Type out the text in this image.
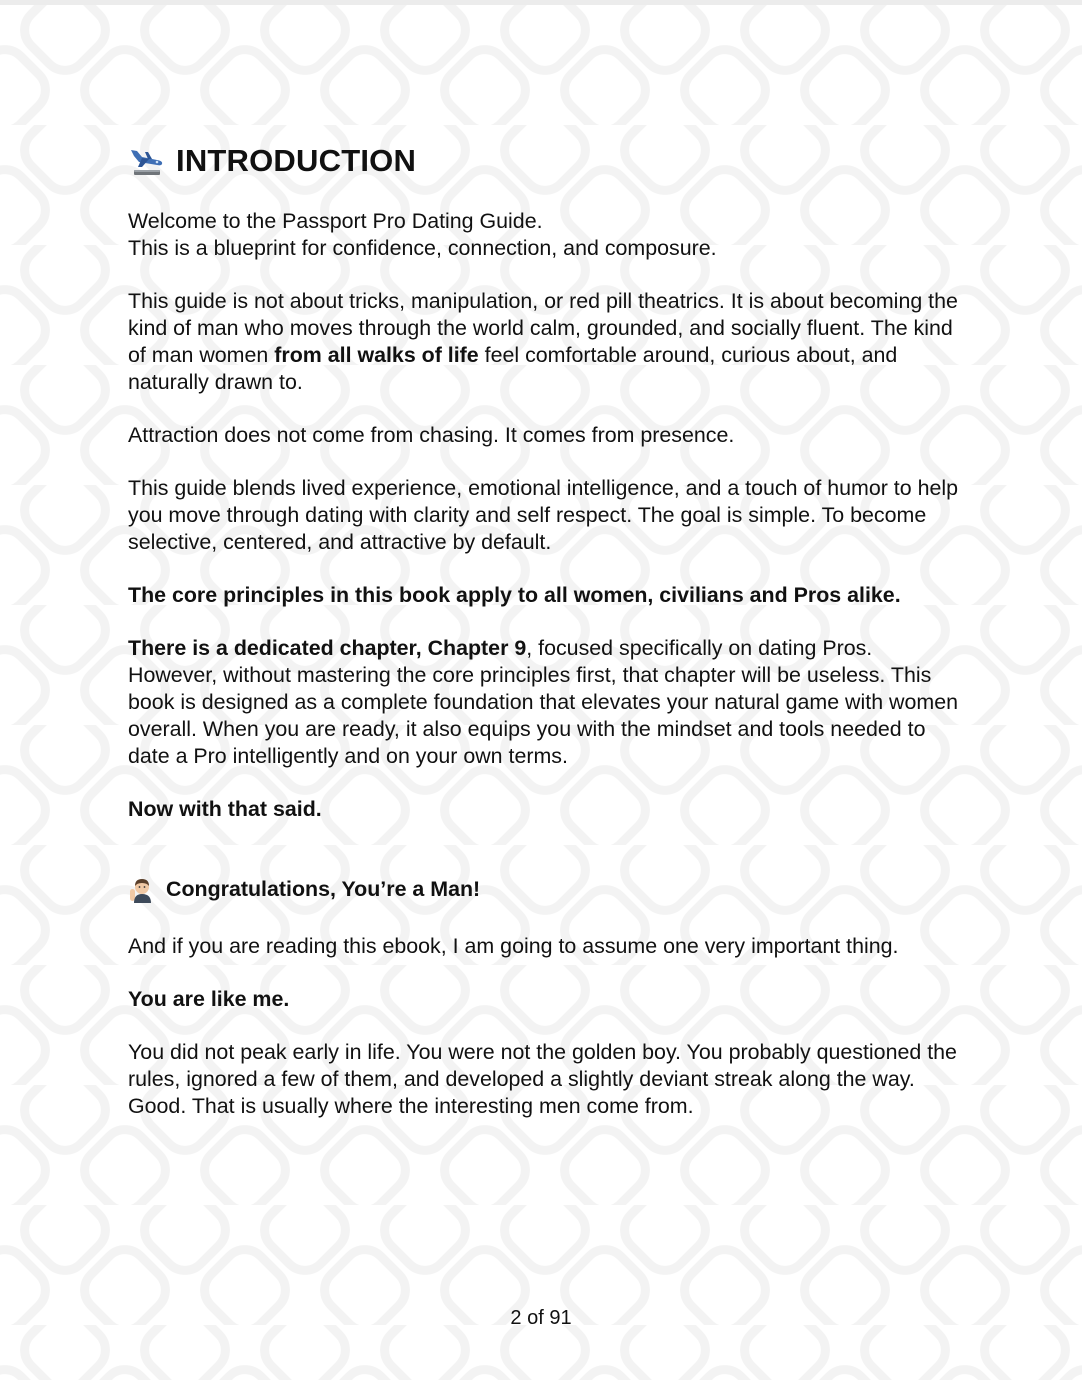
INTRODUCTION

Welcome to the Passport Pro Dating Guide.
This is a blueprint for confidence, connection, and composure.

This guide is not about tricks, manipulation, or red pill theatrics. It is about becoming the kind of man who moves through the world calm, grounded, and socially fluent. The kind of man women from all walks of life feel comfortable around, curious about, and naturally drawn to.

Attraction does not come from chasing. It comes from presence.

This guide blends lived experience, emotional intelligence, and a touch of humor to help you move through dating with clarity and self respect. The goal is simple. To become selective, centered, and attractive by default.

The core principles in this book apply to all women, civilians and Pros alike.

There is a dedicated chapter, Chapter 9, focused specifically on dating Pros. However, without mastering the core principles first, that chapter will be useless. This book is designed as a complete foundation that elevates your natural game with women overall. When you are ready, it also equips you with the mindset and tools needed to date a Pro intelligently and on your own terms.

Now with that said.

Congratulations, You’re a Man!

And if you are reading this ebook, I am going to assume one very important thing.

You are like me.

You did not peak early in life. You were not the golden boy. You probably questioned the rules, ignored a few of them, and developed a slightly deviant streak along the way. Good. That is usually where the interesting men come from.

2 of 91
